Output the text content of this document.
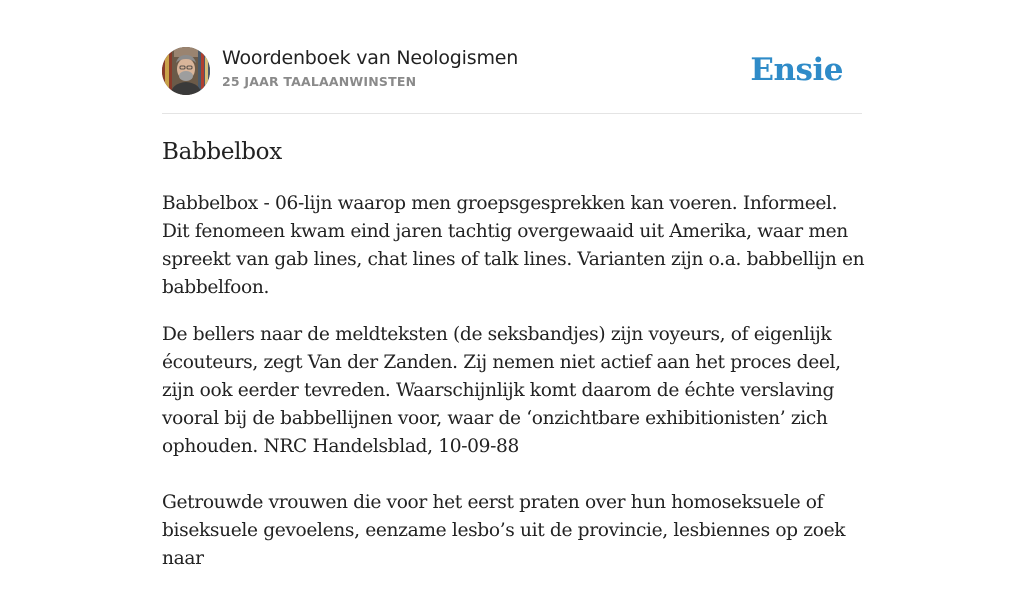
Woordenboek van Neologismen
25 JAAR TAALAANWINSTEN	Ensie
Babbelbox

Babbelbox - 06-lijn waarop men groepsgesprekken kan voeren. Informeel. Dit fenomeen kwam eind jaren tachtig overgewaaid uit Amerika, waar men spreekt van gab lines, chat lines of talk lines. Varianten zijn o.a. babbellijn en babbelfoon.

De bellers naar de meldteksten (de seksbandjes) zijn voyeurs, of eigenlijk écouteurs, zegt Van der Zanden. Zij nemen niet actief aan het proces deel, zijn ook eerder tevreden. Waarschijnlijk komt daarom de échte verslaving vooral bij de babbellijnen voor, waar de ‘onzichtbare exhibitionisten’ zich ophouden. NRC Handelsblad, 10-09-88

Getrouwde vrouwen die voor het eerst praten over hun homoseksuele of biseksuele gevoelens, eenzame lesbo’s uit de provincie, lesbiennes op zoek naar
